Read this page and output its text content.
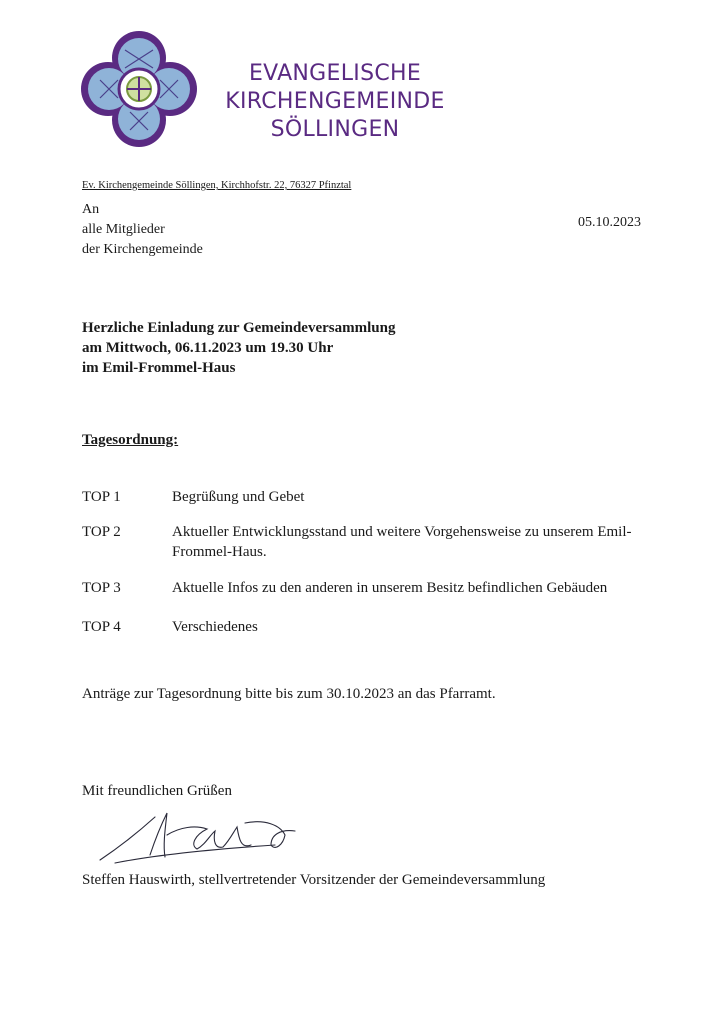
EVANGELISCHE
KIRCHENGEMEINDE
SÖLLINGEN
Ev. Kirchengemeinde Söllingen, Kirchhofstr. 22, 76327 Pfinztal
An
alle Mitglieder
der Kirchengemeinde
05.10.2023
Herzliche Einladung zur Gemeindeversammlung
am Mittwoch, 06.11.2023 um 19.30 Uhr
im Emil-Frommel-Haus
Tagesordnung:
TOP 1	Begrüßung und Gebet
TOP 2	Aktueller Entwicklungsstand und weitere Vorgehensweise zu unserem Emil-Frommel-Haus.
TOP 3	Aktuelle Infos zu den anderen in unserem Besitz befindlichen Gebäuden
TOP 4	Verschiedenes
Anträge zur Tagesordnung bitte bis zum 30.10.2023 an das Pfarramt.
Mit freundlichen Grüßen
Steffen Hauswirth, stellvertretender Vorsitzender der Gemeindeversammlung
